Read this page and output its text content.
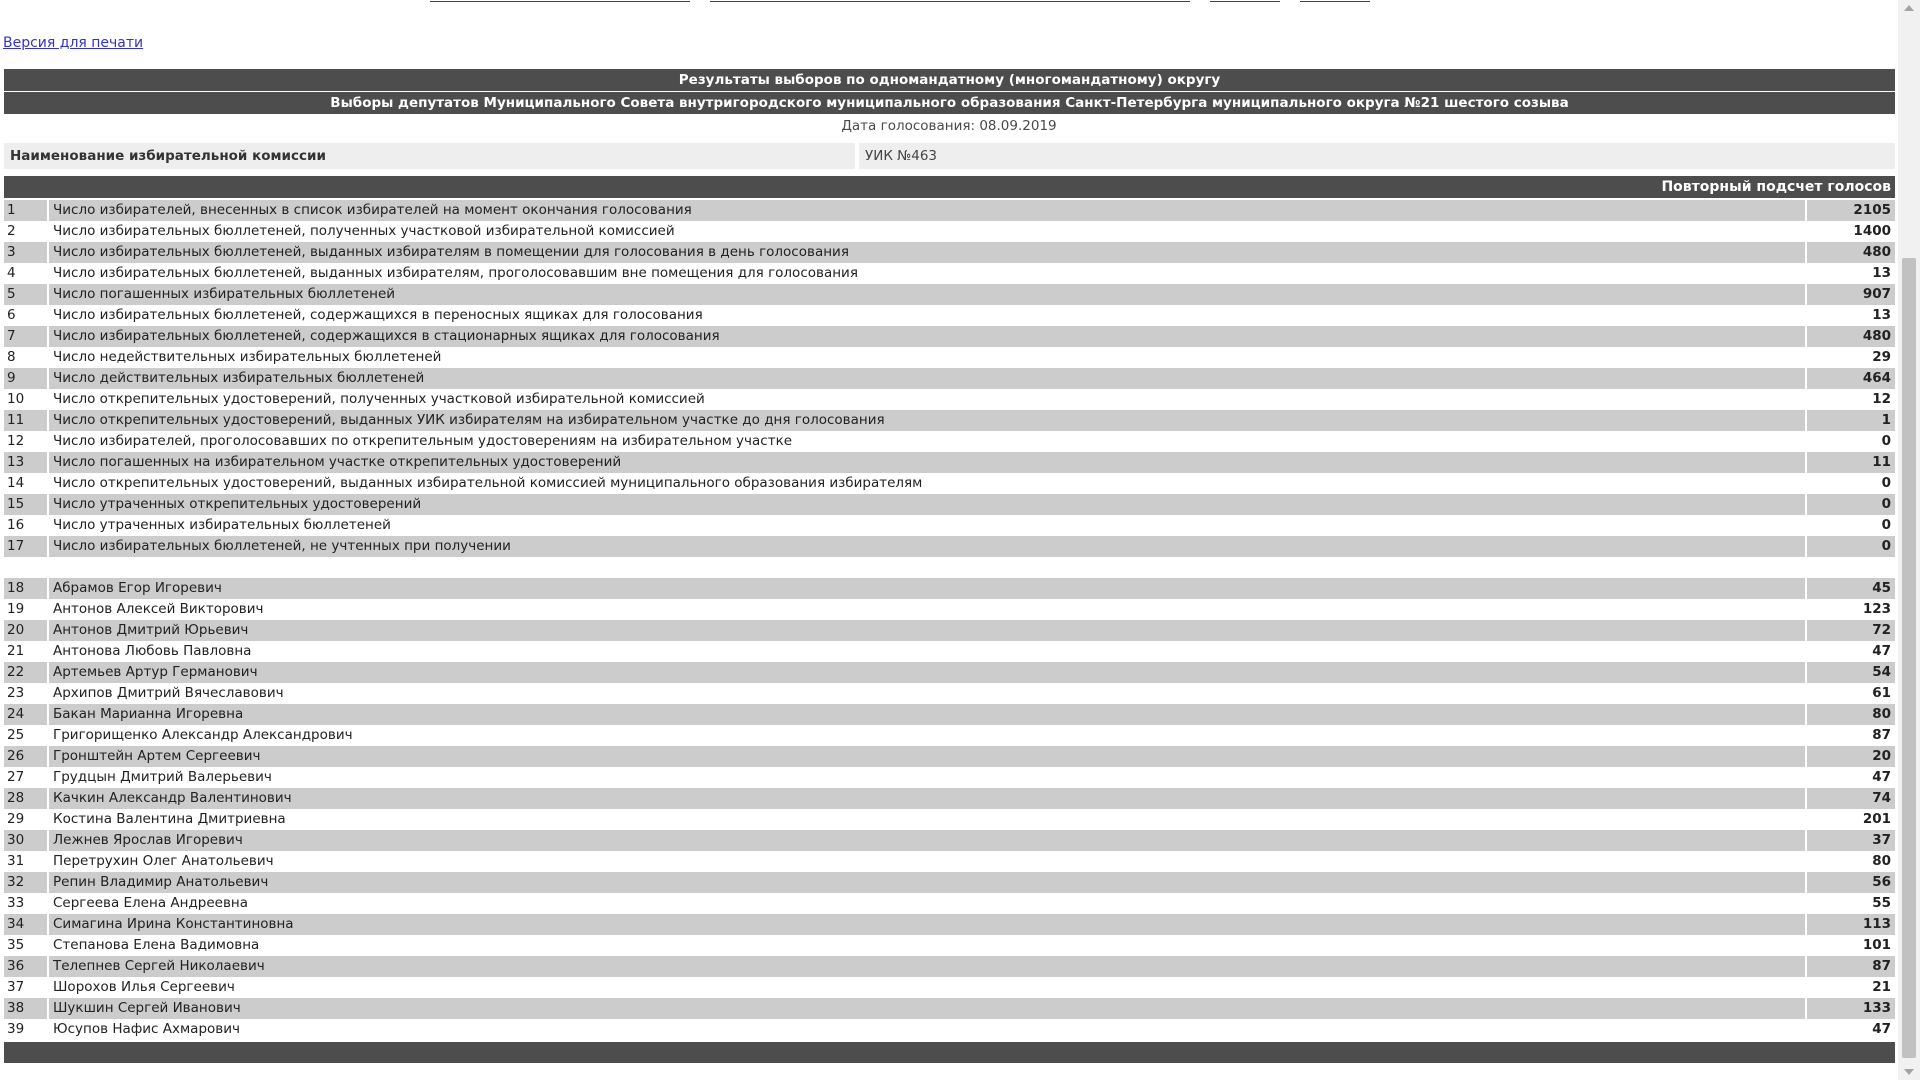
Версия для печати
Результаты выборов по одномандатному (многомандатному) округу
Выборы депутатов Муниципального Совета внутригородского муниципального образования Санкт-Петербурга муниципального округа №21 шестого созыва
Дата голосования: 08.09.2019
Наименование избирательной комиссии	УИК №463
Повторный подсчет голосов
1	Число избирателей, внесенных в список избирателей на момент окончания голосования	2105
2	Число избирательных бюллетеней, полученных участковой избирательной комиссией	1400
3	Число избирательных бюллетеней, выданных избирателям в помещении для голосования в день голосования	480
4	Число избирательных бюллетеней, выданных избирателям, проголосовавшим вне помещения для голосования	13
5	Число погашенных избирательных бюллетеней	907
6	Число избирательных бюллетеней, содержащихся в переносных ящиках для голосования	13
7	Число избирательных бюллетеней, содержащихся в стационарных ящиках для голосования	480
8	Число недействительных избирательных бюллетеней	29
9	Число действительных избирательных бюллетеней	464
10	Число открепительных удостоверений, полученных участковой избирательной комиссией	12
11	Число открепительных удостоверений, выданных УИК избирателям на избирательном участке до дня голосования	1
12	Число избирателей, проголосовавших по открепительным удостоверениям на избирательном участке	0
13	Число погашенных на избирательном участке открепительных удостоверений	11
14	Число открепительных удостоверений, выданных избирательной комиссией муниципального образования избирателям	0
15	Число утраченных открепительных удостоверений	0
16	Число утраченных избирательных бюллетеней	0
17	Число избирательных бюллетеней, не учтенных при получении	0
18	Абрамов Егор Игоревич	45
19	Антонов Алексей Викторович	123
20	Антонов Дмитрий Юрьевич	72
21	Антонова Любовь Павловна	47
22	Артемьев Артур Германович	54
23	Архипов Дмитрий Вячеславович	61
24	Бакан Марианна Игоревна	80
25	Григорищенко Александр Александрович	87
26	Гронштейн Артем Сергеевич	20
27	Грудцын Дмитрий Валерьевич	47
28	Качкин Александр Валентинович	74
29	Костина Валентина Дмитриевна	201
30	Лежнев Ярослав Игоревич	37
31	Перетрухин Олег Анатольевич	80
32	Репин Владимир Анатольевич	56
33	Сергеева Елена Андреевна	55
34	Симагина Ирина Константиновна	113
35	Степанова Елена Вадимовна	101
36	Телепнев Сергей Николаевич	87
37	Шорохов Илья Сергеевич	21
38	Шукшин Сергей Иванович	133
39	Юсупов Нафис Ахмарович	47
